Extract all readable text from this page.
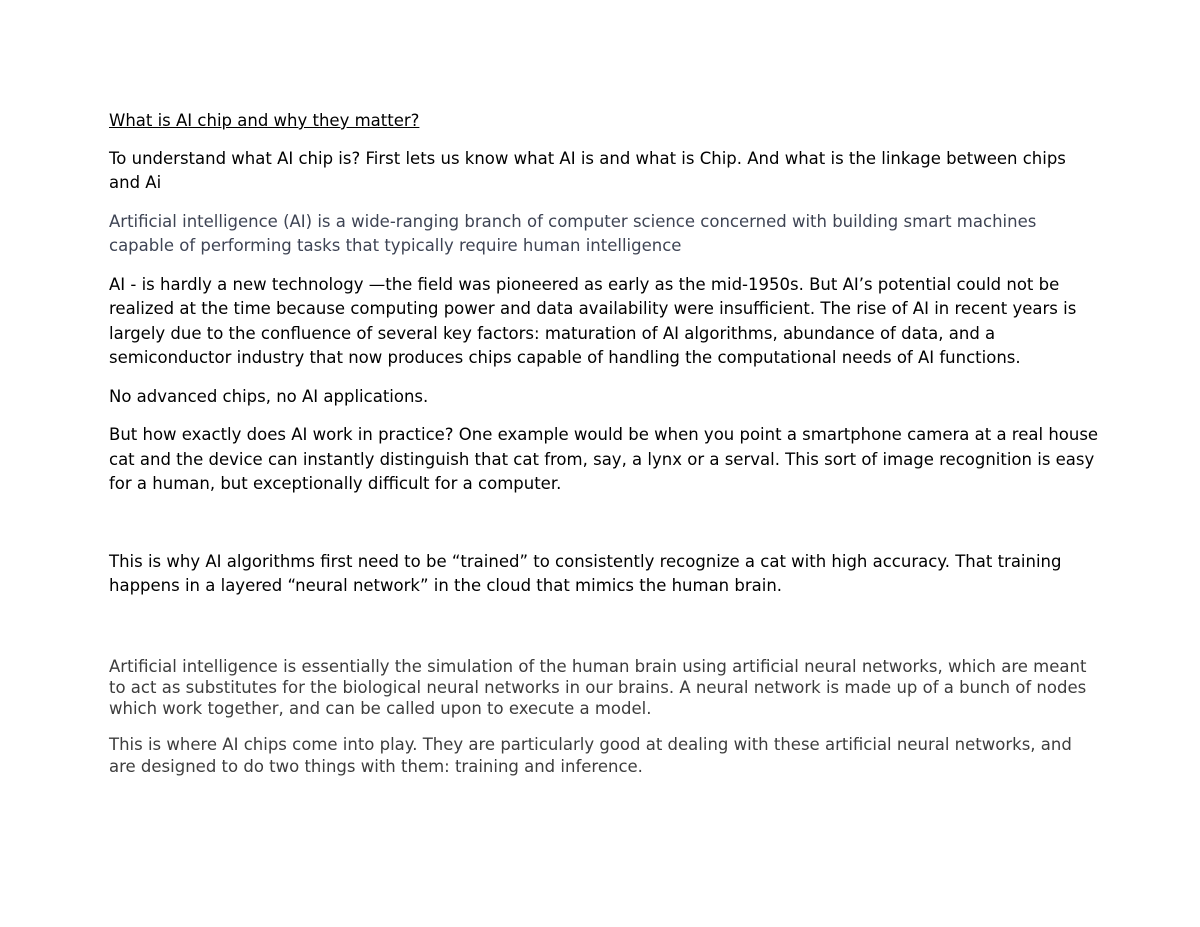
What is AI chip and why they matter?

To understand what AI chip is? First lets us know what AI is and what is Chip. And what is the linkage between chips and Ai

Artificial intelligence (AI) is a wide-ranging branch of computer science concerned with building smart machines capable of performing tasks that typically require human intelligence

AI - is hardly a new technology —the field was pioneered as early as the mid-1950s. But AI’s potential could not be realized at the time because computing power and data availability were insufficient. The rise of AI in recent years is largely due to the confluence of several key factors: maturation of AI algorithms, abundance of data, and a semiconductor industry that now produces chips capable of handling the computational needs of AI functions.

No advanced chips, no AI applications.

But how exactly does AI work in practice? One example would be when you point a smartphone camera at a real house cat and the device can instantly distinguish that cat from, say, a lynx or a serval. This sort of image recognition is easy for a human, but exceptionally difficult for a computer.

This is why AI algorithms first need to be “trained” to consistently recognize a cat with high accuracy. That training happens in a layered “neural network” in the cloud that mimics the human brain.

Artificial intelligence is essentially the simulation of the human brain using artificial neural networks, which are meant to act as substitutes for the biological neural networks in our brains. A neural network is made up of a bunch of nodes which work together, and can be called upon to execute a model.

This is where AI chips come into play. They are particularly good at dealing with these artificial neural networks, and are designed to do two things with them: training and inference.
